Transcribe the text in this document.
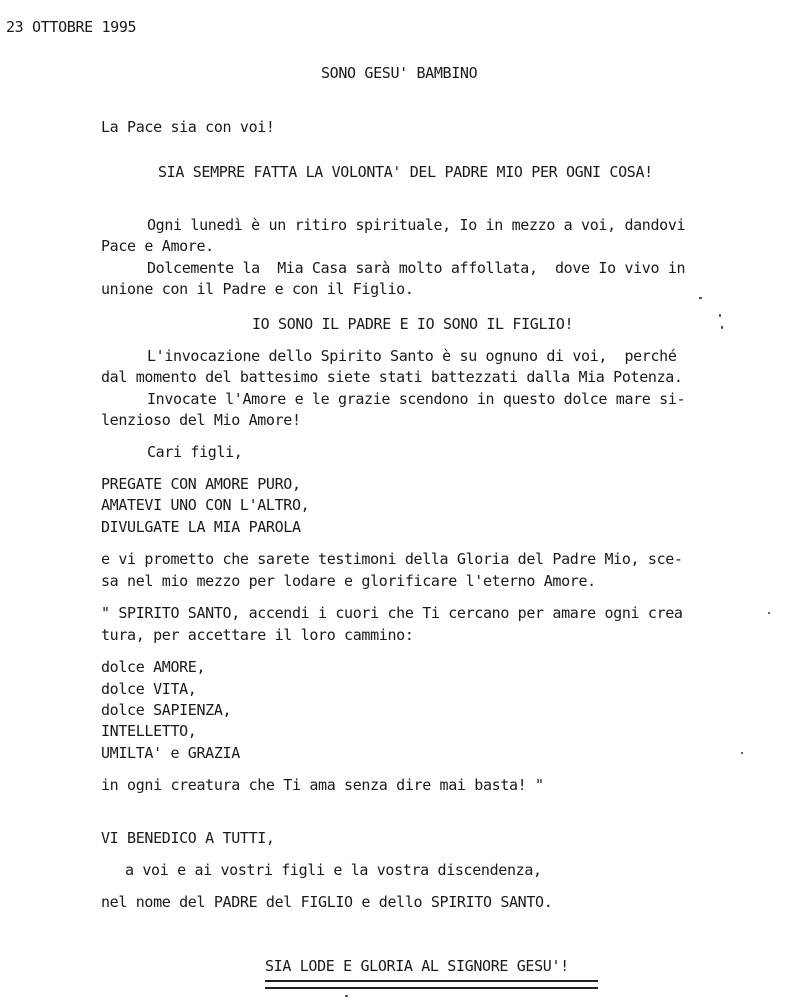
23 OTTOBRE 1995
SONO GESU' BAMBINO
La Pace sia con voi!
SIA SEMPRE FATTA LA VOLONTA' DEL PADRE MIO PER OGNI COSA!
Ogni lunedì è un ritiro spirituale, Io in mezzo a voi, dandovi
Pace e Amore.
Dolcemente la  Mia Casa sarà molto affollata,  dove Io vivo in
unione con il Padre e con il Figlio.
IO SONO IL PADRE E IO SONO IL FIGLIO!
L'invocazione dello Spirito Santo è su ognuno di voi,  perché
dal momento del battesimo siete stati battezzati dalla Mia Potenza.
Invocate l'Amore e le grazie scendono in questo dolce mare si-
lenzioso del Mio Amore!
Cari figli,
PREGATE CON AMORE PURO,
AMATEVI UNO CON L'ALTRO,
DIVULGATE LA MIA PAROLA
e vi prometto che sarete testimoni della Gloria del Padre Mio, sce-
sa nel mio mezzo per lodare e glorificare l'eterno Amore.
" SPIRITO SANTO, accendi i cuori che Ti cercano per amare ogni crea
tura, per accettare il loro cammino:
dolce AMORE,
dolce VITA,
dolce SAPIENZA,
INTELLETTO,
UMILTA' e GRAZIA
in ogni creatura che Ti ama senza dire mai basta! "
VI BENEDICO A TUTTI,
a voi e ai vostri figli e la vostra discendenza,
nel nome del PADRE del FIGLIO e dello SPIRITO SANTO.
SIA LODE E GLORIA AL SIGNORE GESU'!
